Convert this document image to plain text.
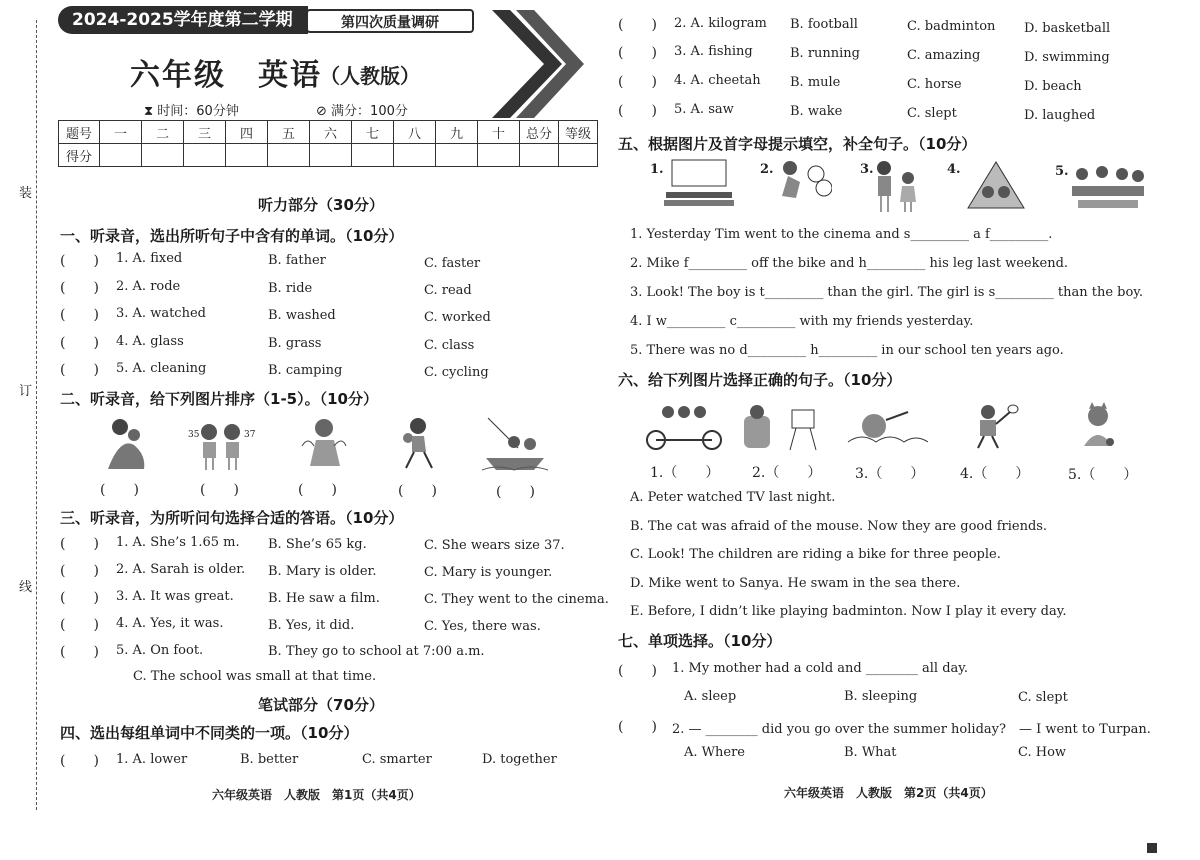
装
订
线
2024-2025学年度第二学期	第四次质量调研
六年级　英语
（人教版）
⧗ 时间：60分钟	⊘ 满分：100分
题号	一	二	三	四	五	六	七	八	九	十	总分	等级
得分												
听力部分（30分）
一、听录音，选出所听句子中含有的单词。（10分）
(　　) 1. A. fixed	B. father	C. faster
(　　) 2. A. rode	B. ride	C. read
(　　) 3. A. watched	B. washed	C. worked
(　　) 4. A. glass	B. grass	C. class
(　　) 5. A. cleaning	B. camping	C. cycling
二、听录音，给下列图片排序（1-5）。（10分）
35	37
(　　)	(　　)	(　　)	(　　)	(　　)
三、听录音，为所听问句选择合适的答语。（10分）
(　　) 1. A. She’s 1.65 m. B. She’s 65 kg.	C. She wears size 37.
(　　) 2. A. Sarah is older. B. Mary is older.	C. Mary is younger.
(　　) 3. A. It was great.	B. He saw a film.	C. They went to the cinema.
(　　) 4. A. Yes, it was.	B. Yes, it did.	C. Yes, there was.
(　　) 5. A. On foot.	B. They go to school at 7:00 a.m.
C. The school was small at that time.
笔试部分（70分）
四、选出每组单词中不同类的一项。（10分）
(　　) 1. A. lower	B. better	C. smarter	D. together
六年级英语　人教版　第1页（共4页）
(　　) 2. A. kilogram B. football	C. badminton D. basketball
(　　) 3. A. fishing	B. running	C. amazing	D. swimming
(　　) 4. A. cheetah B. mule	C. horse	D. beach
(　　) 5. A. saw	B. wake	C. slept	D. laughed
五、根据图片及首字母提示填空，补全句子。（10分）
1.	2.	3.	4.	5.
1. Yesterday Tim went to the cinema and s_________ a f_________.
2. Mike f_________ off the bike and h_________ his leg last weekend.
3. Look! The boy is t_________ than the girl. The girl is s_________ than the boy.
4. I w_________ c_________ with my friends yesterday.
5. There was no d_________ h_________ in our school ten years ago.
六、给下列图片选择正确的句子。（10分）
1.（　　） 2.（　　） 3.（　　）	4.（　　）	5.（　　）
A. Peter watched TV last night.
B. The cat was afraid of the mouse. Now they are good friends.
C. Look! The children are riding a bike for three people.
D. Mike went to Sanya. He swam in the sea there.
E. Before, I didn’t like playing badminton. Now I play it every day.
七、单项选择。（10分）
(　　) 1. My mother had a cold and ________ all day.
A. sleep	B. sleeping	C. slept
(　　) 2. — ________ did you go over the summer holiday?　— I went to Turpan.
A. Where	B. What	C. How
六年级英语　人教版　第2页（共4页）
